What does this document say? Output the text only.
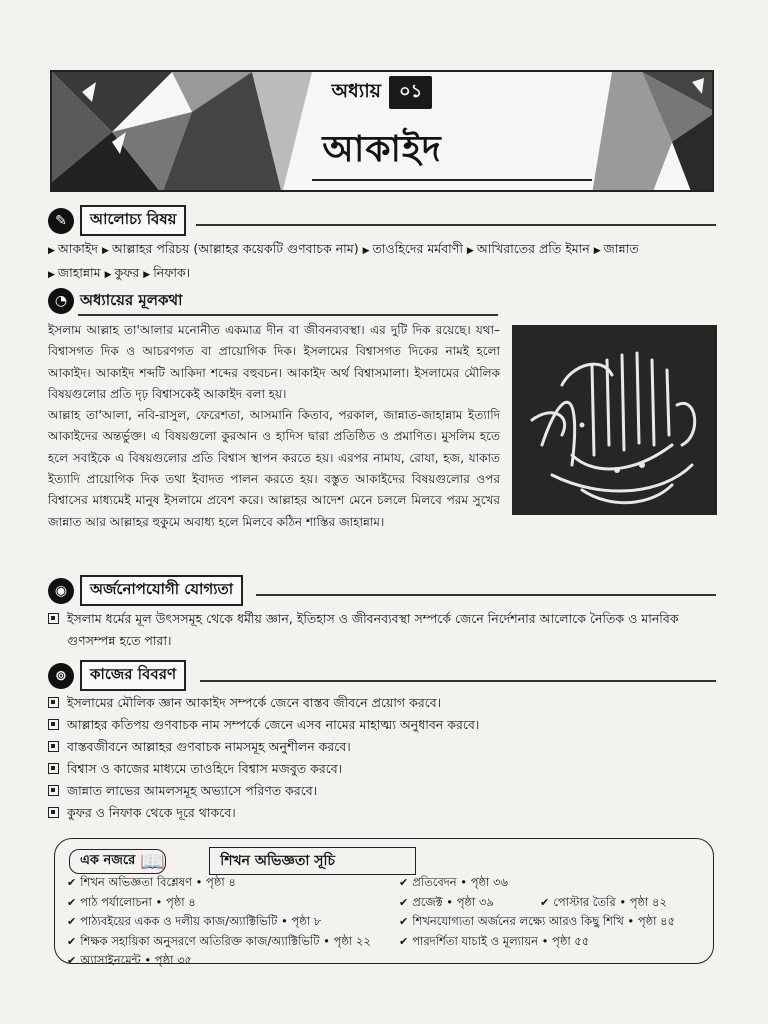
অধ্যায়	০১
আকাইদ
✎	আলোচ্য বিষয়
▶ আকাইদ ▶ আল্লাহর পরিচয় (আল্লাহর কয়েকটি গুণবাচক নাম) ▶ তাওহিদের মর্মবাণী ▶ আখিরাতের প্রতি ইমান ▶ জান্নাত
▶ জাহান্নাম ▶ কুফর ▶ নিফাক।
◔ অধ্যায়ের মূলকথা

ইসলাম আল্লাহ তা'আলার মনোনীত একমাত্র দীন বা জীবনব্যবস্থা। এর দুটি দিক রয়েছে। যথা– বিশ্বাসগত দিক ও আচরণগত বা প্রায়োগিক দিক। ইসলামের বিশ্বাসগত দিকের নামই হলো আকাইদ। আকাইদ শব্দটি আকিদা শব্দের বহুবচন। আকাইদ অর্থ বিশ্বাসমালা। ইসলামের মৌলিক বিষয়গুলোর প্রতি দৃঢ় বিশ্বাসকেই আকাইদ বলা হয়।

আল্লাহ তা'আলা, নবি-রাসুল, ফেরেশতা, আসমানি কিতাব, পরকাল, জান্নাত-জাহান্নাম ইত্যাদি আকাইদের অন্তর্ভুক্ত। এ বিষয়গুলো কুরআন ও হাদিস দ্বারা প্রতিষ্ঠিত ও প্রমাণিত। মুসলিম হতে হলে সবাইকে এ বিষয়গুলোর প্রতি বিশ্বাস স্থাপন করতে হয়। এরপর নামায, রোযা, হজ, যাকাত ইত্যাদি প্রায়োগিক দিক তথা ইবাদত পালন করতে হয়। বস্তুত আকাইদের বিষয়গুলোর ওপর বিশ্বাসের মাধ্যমেই মানুষ ইসলামে প্রবেশ করে। আল্লাহর আদেশ মেনে চললে মিলবে পরম সুখের জান্নাত আর আল্লাহর হুকুমে অবাধ্য হলে মিলবে কঠিন শাস্তির জাহান্নাম।

◉	অর্জনোপযোগী যোগ্যতা
ইসলাম ধর্মের মূল উৎসসমূহ থেকে ধর্মীয় জ্ঞান, ইতিহাস ও জীবনব্যবস্থা সম্পর্কে জেনে নির্দেশনার আলোকে নৈতিক ও মানবিক গুণসম্পন্ন হতে পারা।
⊚	কাজের বিবরণ
ইসলামের মৌলিক জ্ঞান আকাইদ সম্পর্কে জেনে বাস্তব জীবনে প্রয়োগ করবে।
আল্লাহর কতিপয় গুণবাচক নাম সম্পর্কে জেনে এসব নামের মাহাত্ম্য অনুধাবন করবে।
বাস্তবজীবনে আল্লাহর গুণবাচক নামসমূহ অনুশীলন করবে।
বিশ্বাস ও কাজের মাধ্যমে তাওহিদে বিশ্বাস মজবুত করবে।
জান্নাত লাভের আমলসমূহ অভ্যাসে পরিণত করবে।
কুফর ও নিফাক থেকে দূরে থাকবে।
এক নজরে 📖	শিখন অভিজ্ঞতা সূচি
✔ শিখন অভিজ্ঞতা বিশ্লেষণ • পৃষ্ঠা ৪
✔ পাঠ পর্যালোচনা • পৃষ্ঠা ৪
✔ পাঠ্যবইয়ের একক ও দলীয় কাজ/অ্যাক্টিভিটি • পৃষ্ঠা ৮
✔ শিক্ষক সহায়িকা অনুসরণে অতিরিক্ত কাজ/অ্যাক্টিভিটি • পৃষ্ঠা ২২
✔ অ্যাসাইনমেন্ট • পৃষ্ঠা ৩৫
✔ প্রতিবেদন • পৃষ্ঠা ৩৬
✔ প্রজেক্ট • পৃষ্ঠা ৩৯	✔ পোস্টার তৈরি • পৃষ্ঠা ৪২
✔ শিখনযোগ্যতা অর্জনের লক্ষ্যে আরও কিছু শিখি • পৃষ্ঠা ৪৫
✔ পারদর্শিতা যাচাই ও মূল্যায়ন • পৃষ্ঠা ৫৫
